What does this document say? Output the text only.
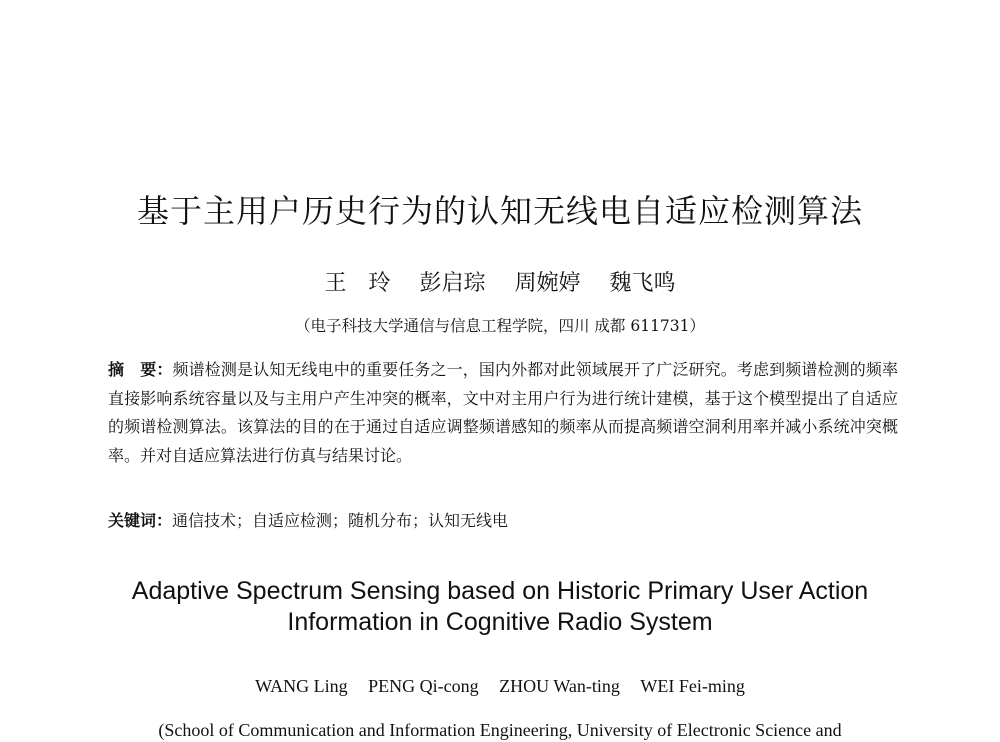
基于主用户历史行为的认知无线电自适应检测算法
王　玲 彭启琮 周婉婷 魏飞鸣
（电子科技大学通信与信息工程学院，四川 成都 611731）
摘　要：频谱检测是认知无线电中的重要任务之一，国内外都对此领域展开了广泛研究。考虑到频谱检测的频率直接影响系统容量以及与主用户产生冲突的概率，文中对主用户行为进行统计建模，基于这个模型提出了自适应的频谱检测算法。该算法的目的在于通过自适应调整频谱感知的频率从而提高频谱空洞利用率并减小系统冲突概率。并对自适应算法进行仿真与结果讨论。
关键词：通信技术；自适应检测；随机分布；认知无线电
Adaptive Spectrum Sensing based on Historic Primary User Action
Information in Cognitive Radio System
WANG Ling PENG Qi-cong ZHOU Wan-ting WEI Fei-ming
(School of Communication and Information Engineering, University of Electronic Science and
